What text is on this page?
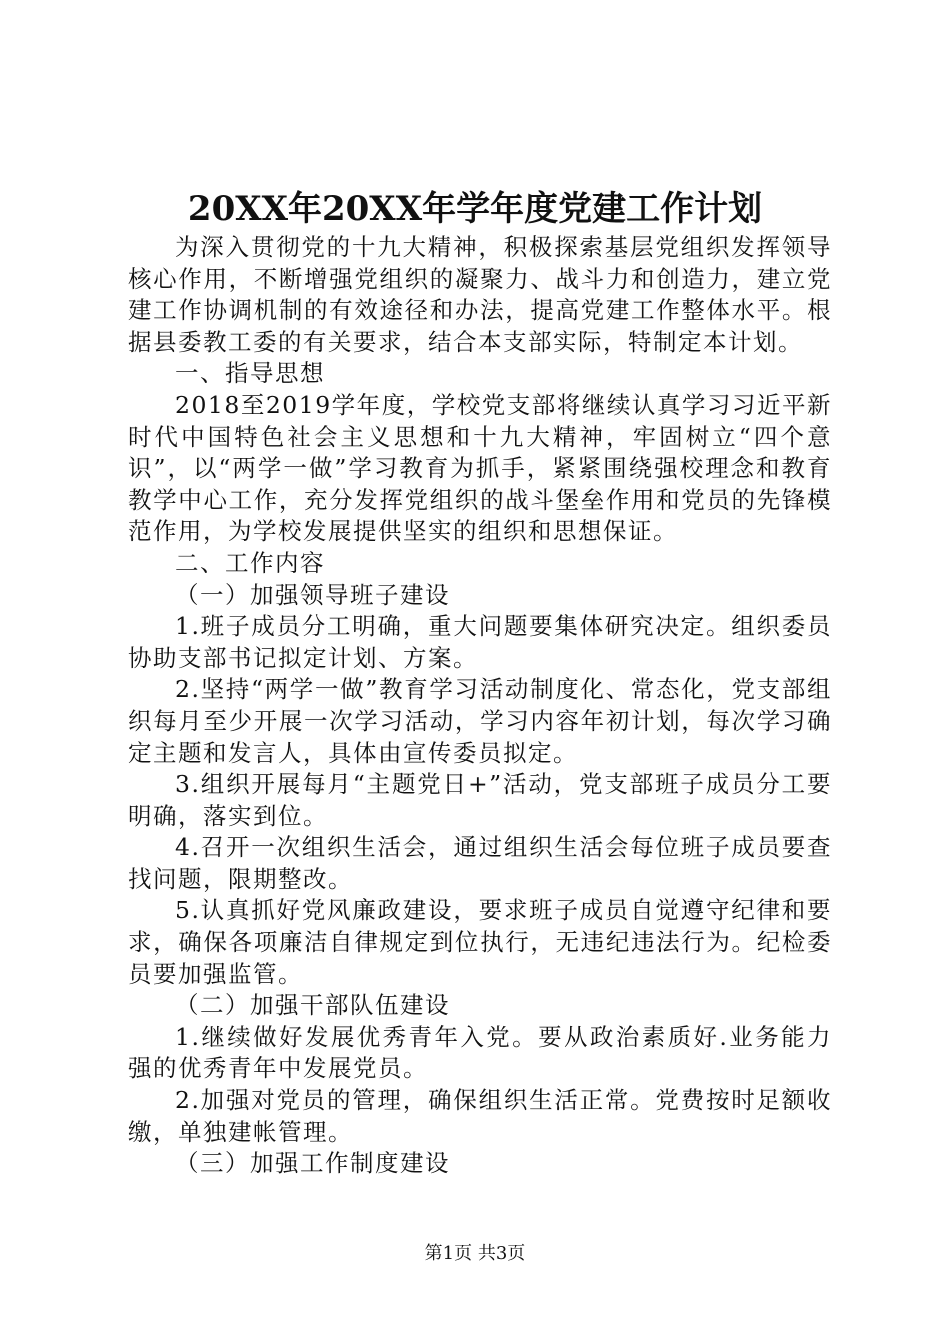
20XX年20XX年学年度党建工作计划

为深入贯彻党的十九大精神，积极探索基层党组织发挥领导核心作用，不断增强党组织的凝聚力、战斗力和创造力，建立党建工作协调机制的有效途径和办法，提高党建工作整体水平。根据县委教工委的有关要求，结合本支部实际，特制定本计划。

一、指导思想

2018至2019学年度，学校党支部将继续认真学习习近平新时代中国特色社会主义思想和十九大精神，牢固树立“四个意识”，以“两学一做”学习教育为抓手，紧紧围绕强校理念和教育教学中心工作，充分发挥党组织的战斗堡垒作用和党员的先锋模范作用，为学校发展提供坚实的组织和思想保证。

二、工作内容

（一）加强领导班子建设

1.班子成员分工明确，重大问题要集体研究决定。组织委员协助支部书记拟定计划、方案。

2.坚持“两学一做”教育学习活动制度化、常态化，党支部组织每月至少开展一次学习活动，学习内容年初计划，每次学习确定主题和发言人，具体由宣传委员拟定。

3.组织开展每月“主题党日+”活动，党支部班子成员分工要明确，落实到位。

4.召开一次组织生活会，通过组织生活会每位班子成员要查找问题，限期整改。

5.认真抓好党风廉政建设，要求班子成员自觉遵守纪律和要求，确保各项廉洁自律规定到位执行，无违纪违法行为。纪检委员要加强监管。

（二）加强干部队伍建设

1.继续做好发展优秀青年入党。要从政治素质好.业务能力强的优秀青年中发展党员。

2.加强对党员的管理，确保组织生活正常。党费按时足额收缴，单独建帐管理。

（三）加强工作制度建设

第1页 共3页
